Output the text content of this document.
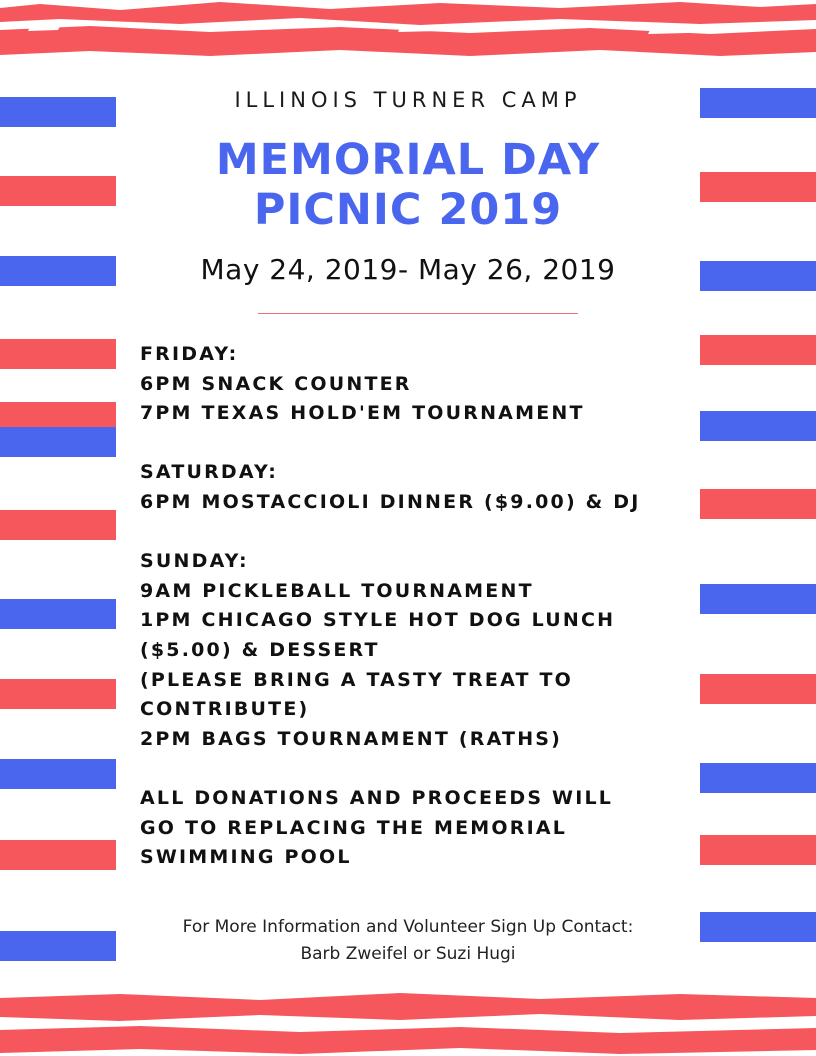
ILLINOIS TURNER CAMP
MEMORIAL DAY
PICNIC 2019
May 24, 2019- May 26, 2019
FRIDAY:
6PM SNACK COUNTER
7PM TEXAS HOLD'EM TOURNAMENT
SATURDAY:
6PM MOSTACCIOLI DINNER ($9.00) & DJ
SUNDAY:
9AM PICKLEBALL TOURNAMENT
1PM CHICAGO STYLE HOT DOG LUNCH
($5.00) & DESSERT
(PLEASE BRING A TASTY TREAT TO
CONTRIBUTE)
2PM BAGS TOURNAMENT (RATHS)
ALL DONATIONS AND PROCEEDS WILL
GO TO REPLACING THE MEMORIAL
SWIMMING POOL
For More Information and Volunteer Sign Up Contact:
Barb Zweifel or Suzi Hugi
